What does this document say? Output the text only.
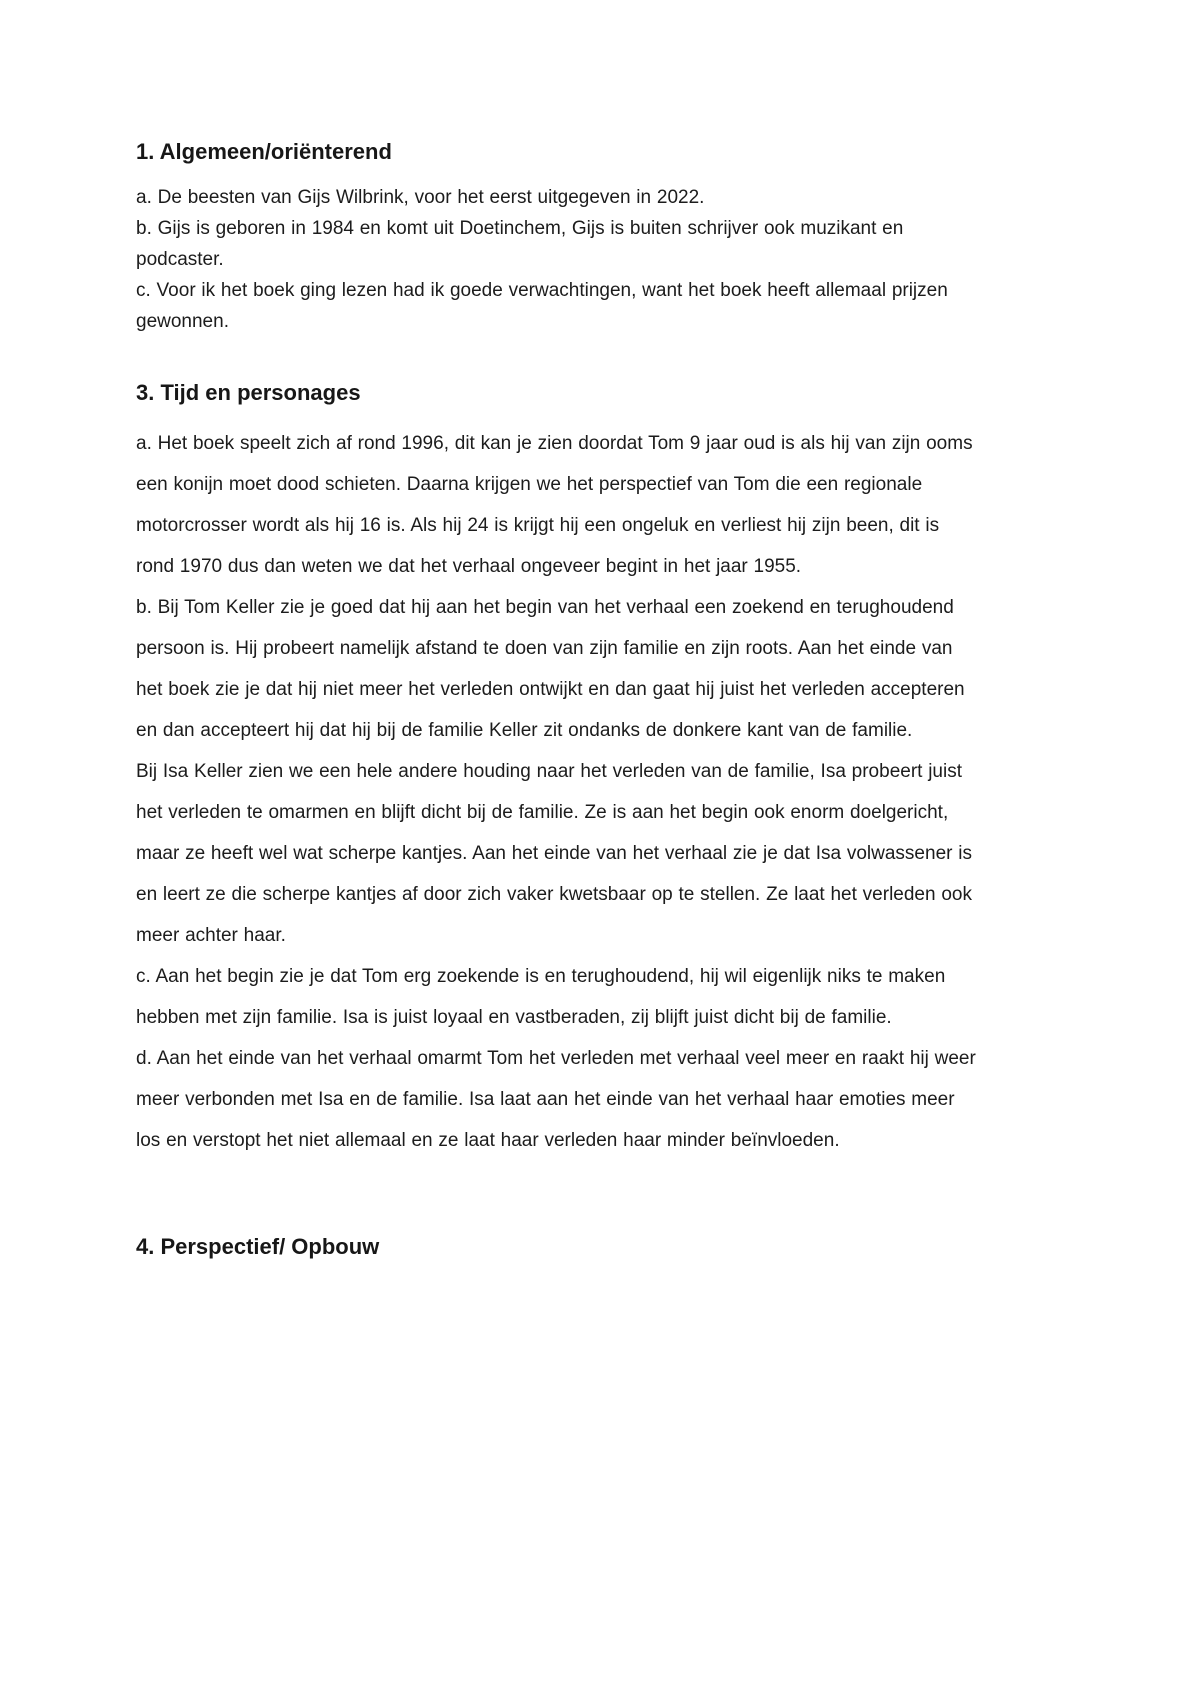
1. Algemeen/oriënterend

a. De beesten van Gijs Wilbrink, voor het eerst uitgegeven in 2022.

b. Gijs is geboren in 1984 en komt uit Doetinchem, Gijs is buiten schrijver ook muzikant en podcaster.

c. Voor ik het boek ging lezen had ik goede verwachtingen, want het boek heeft allemaal prijzen gewonnen.

3. Tijd en personages

a. Het boek speelt zich af rond 1996, dit kan je zien doordat Tom 9 jaar oud is als hij van zijn ooms een konijn moet dood schieten. Daarna krijgen we het perspectief van Tom die een regionale motorcrosser wordt als hij 16 is. Als hij 24 is krijgt hij een ongeluk en verliest hij zijn been, dit is rond 1970 dus dan weten we dat het verhaal ongeveer begint in het jaar 1955.

b. Bij Tom Keller zie je goed dat hij aan het begin van het verhaal een zoekend en terughoudend persoon is. Hij probeert namelijk afstand te doen van zijn familie en zijn roots. Aan het einde van het boek zie je dat hij niet meer het verleden ontwijkt en dan gaat hij juist het verleden accepteren en dan accepteert hij dat hij bij de familie Keller zit ondanks de donkere kant van de familie.

Bij Isa Keller zien we een hele andere houding naar het verleden van de familie, Isa probeert juist het verleden te omarmen en blijft dicht bij de familie. Ze is aan het begin ook enorm doelgericht, maar ze heeft wel wat scherpe kantjes. Aan het einde van het verhaal zie je dat Isa volwassener is en leert ze die scherpe kantjes af door zich vaker kwetsbaar op te stellen. Ze laat het verleden ook meer achter haar.

c. Aan het begin zie je dat Tom erg zoekende is en terughoudend, hij wil eigenlijk niks te maken hebben met zijn familie. Isa is juist loyaal en vastberaden, zij blijft juist dicht bij de familie.

d. Aan het einde van het verhaal omarmt Tom het verleden met verhaal veel meer en raakt hij weer meer verbonden met Isa en de familie. Isa laat aan het einde van het verhaal haar emoties meer los en verstopt het niet allemaal en ze laat haar verleden haar minder beïnvloeden.

4. Perspectief/ Opbouw
